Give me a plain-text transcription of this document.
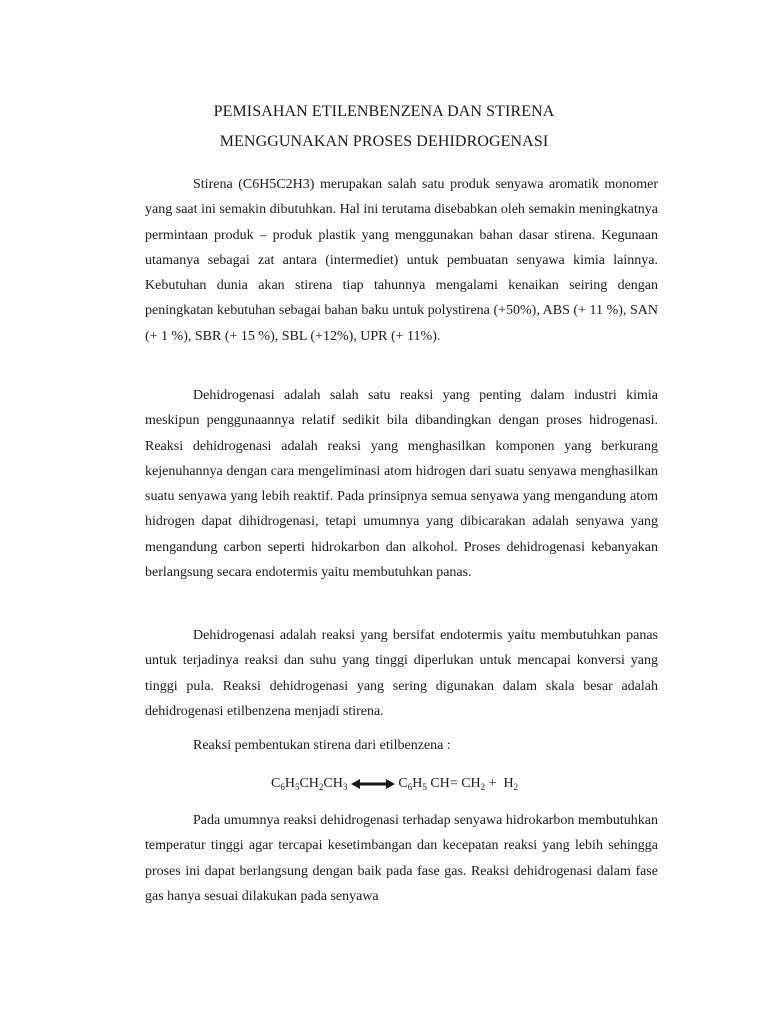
PEMISAHAN ETILENBENZENA DAN STIRENA
MENGGUNAKAN PROSES DEHIDROGENASI

Stirena (C6H5C2H3) merupakan salah satu produk senyawa aromatik monomer yang saat ini semakin dibutuhkan. Hal ini terutama disebabkan oleh semakin meningkatnya permintaan produk – produk plastik yang menggunakan bahan dasar stirena. Kegunaan utamanya sebagai zat antara (intermediet) untuk pembuatan senyawa kimia lainnya. Kebutuhan dunia akan stirena tiap tahunnya mengalami kenaikan seiring dengan peningkatan kebutuhan sebagai bahan baku untuk polystirena (+50%), ABS (+ 11 %), SAN (+ 1 %), SBR (+ 15 %), SBL (+12%), UPR (+ 11%).

Dehidrogenasi adalah salah satu reaksi yang penting dalam industri kimia meskipun penggunaannya relatif sedikit bila dibandingkan dengan proses hidrogenasi. Reaksi dehidrogenasi adalah reaksi yang menghasilkan komponen yang berkurang kejenuhannya dengan cara mengeliminasi atom hidrogen dari suatu senyawa menghasilkan suatu senyawa yang lebih reaktif. Pada prinsipnya semua senyawa yang mengandung atom hidrogen dapat dihidrogenasi, tetapi umumnya yang dibicarakan adalah senyawa yang mengandung carbon seperti hidrokarbon dan alkohol. Proses dehidrogenasi kebanyakan berlangsung secara endotermis yaitu membutuhkan panas.

Dehidrogenasi adalah reaksi yang bersifat endotermis yaitu membutuhkan panas untuk terjadinya reaksi dan suhu yang tinggi diperlukan untuk mencapai konversi yang tinggi pula. Reaksi dehidrogenasi yang sering digunakan dalam skala besar adalah dehidrogenasi etilbenzena menjadi stirena.

Reaksi pembentukan stirena dari etilbenzena :
$C_6H_5CH_2CH_3$	$C_6H_5$ $CH= CH_2 + H_2$

Pada umumnya reaksi dehidrogenasi terhadap senyawa hidrokarbon membutuhkan temperatur tinggi agar tercapai kesetimbangan dan kecepatan reaksi yang lebih sehingga proses ini dapat berlangsung dengan baik pada fase gas. Reaksi dehidrogenasi dalam fase gas hanya sesuai dilakukan pada senyawa
